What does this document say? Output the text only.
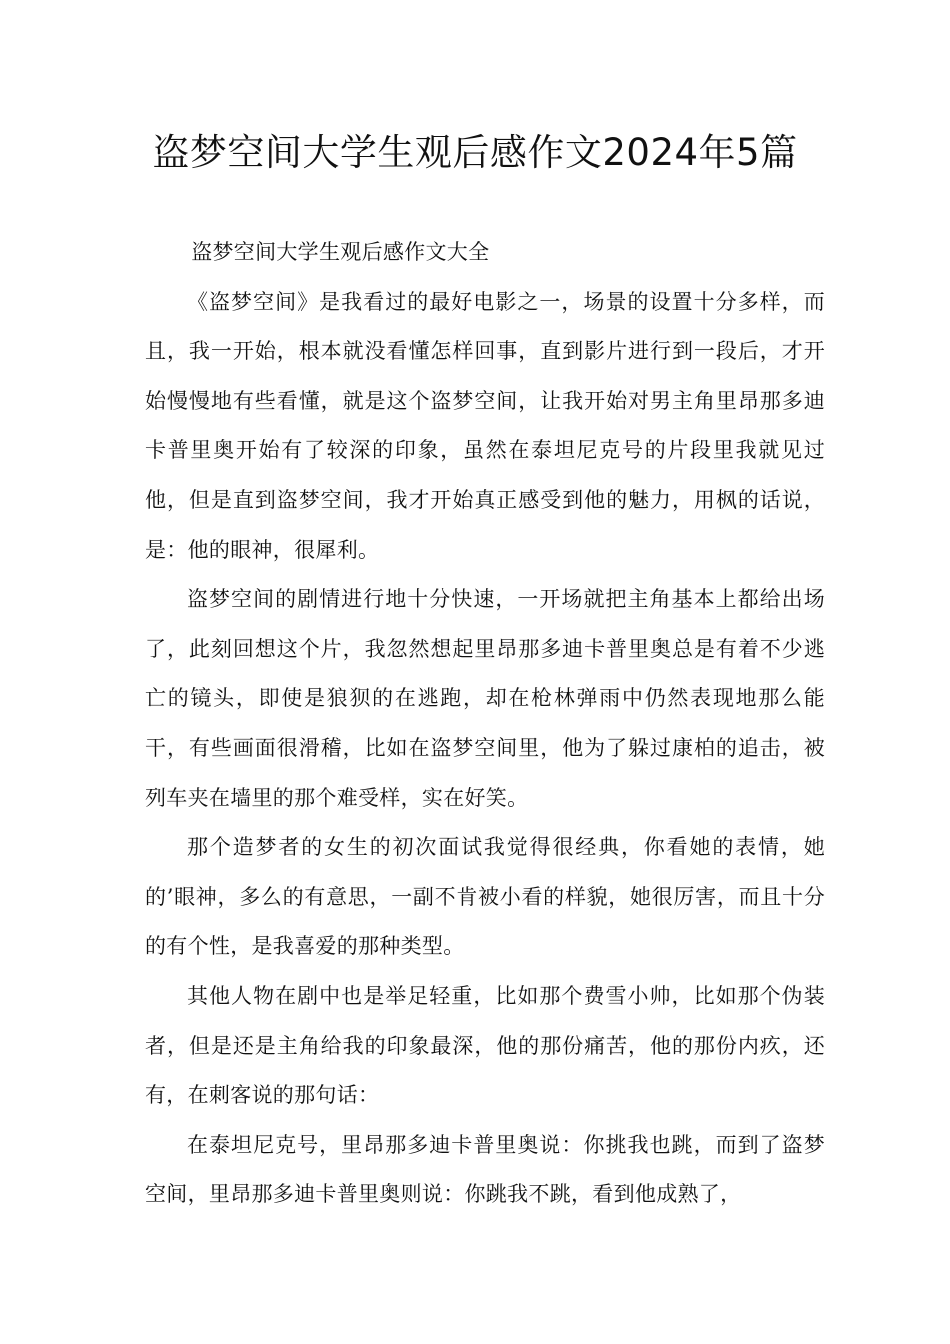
盗梦空间大学生观后感作文2024年5篇

盗梦空间大学生观后感作文大全

《盗梦空间》是我看过的最好电影之一，场景的设置十分多样，而且，我一开始，根本就没看懂怎样回事，直到影片进行到一段后，才开始慢慢地有些看懂，就是这个盗梦空间，让我开始对男主角里昂那多迪卡普里奥开始有了较深的印象，虽然在泰坦尼克号的片段里我就见过他，但是直到盗梦空间，我才开始真正感受到他的魅力，用枫的话说，是：他的眼神，很犀利。

盗梦空间的剧情进行地十分快速，一开场就把主角基本上都给出场了，此刻回想这个片，我忽然想起里昂那多迪卡普里奥总是有着不少逃亡的镜头，即使是狼狈的在逃跑，却在枪林弹雨中仍然表现地那么能干，有些画面很滑稽，比如在盗梦空间里，他为了躲过康柏的追击，被列车夹在墙里的那个难受样，实在好笑。

那个造梦者的女生的初次面试我觉得很经典，你看她的表情，她的’眼神，多么的有意思，一副不肯被小看的样貌，她很厉害，而且十分的有个性，是我喜爱的那种类型。

其他人物在剧中也是举足轻重，比如那个费雪小帅，比如那个伪装者，但是还是主角给我的印象最深，他的那份痛苦，他的那份内疚，还有，在刺客说的那句话：

在泰坦尼克号，里昂那多迪卡普里奥说：你挑我也跳，而到了盗梦空间，里昂那多迪卡普里奥则说：你跳我不跳，看到他成熟了，
